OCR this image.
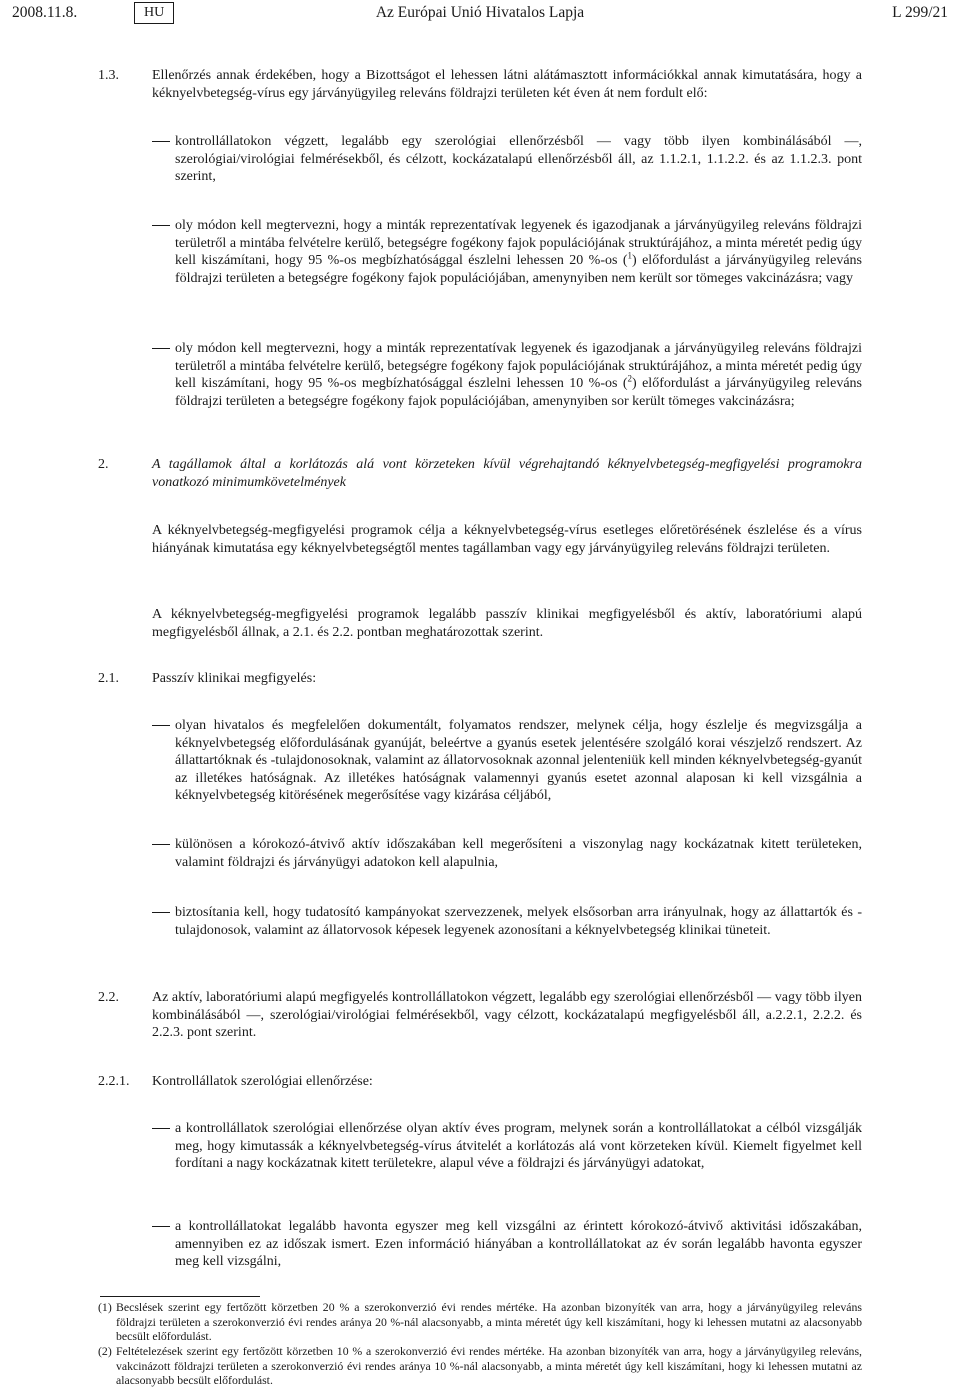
2008.11.8.	HU	Az Európai Unió Hivatalos Lapja	L 299/21
1.3. Ellenőrzés annak érdekében, hogy a Bizottságot el lehessen látni alátámasztott információkkal annak kimutatására, hogy a kéknyelvbetegség-vírus egy járványügyileg releváns földrajzi területen két éven át nem fordult elő:
kontrollállatokon végzett, legalább egy szerológiai ellenőrzésből — vagy több ilyen kombinálásából —, szerológiai/virológiai felmérésekből, és célzott, kockázatalapú ellenőrzésből áll, az 1.1.2.1, 1.1.2.2. és az 1.1.2.3. pont szerint,
oly módon kell megtervezni, hogy a minták reprezentatívak legyenek és igazodjanak a járványügyileg releváns földrajzi területről a mintába felvételre kerülő, betegségre fogékony fajok populációjának struktúrájához, a minta méretét pedig úgy kell kiszámítani, hogy 95 %-os megbízhatósággal észlelni lehessen 20 %-os ($^1$) előfordulást a járványügyileg releváns földrajzi területen a betegségre fogékony fajok populációjában, amenynyiben nem került sor tömeges vakcinázásra; vagy
oly módon kell megtervezni, hogy a minták reprezentatívak legyenek és igazodjanak a járványügyileg releváns földrajzi területről a mintába felvételre kerülő, betegségre fogékony fajok populációjának struktúrájához, a minta méretét pedig úgy kell kiszámítani, hogy 95 %-os megbízhatósággal észlelni lehessen 10 %-os ($^2$) előfordulást a járványügyileg releváns földrajzi területen a betegségre fogékony fajok populációjában, amenynyiben sor került tömeges vakcinázásra;
2.	A tagállamok által a korlátozás alá vont körzeteken kívül végrehajtandó kéknyelvbetegség-megfigyelési programokra vonatkozó minimumkövetelmények
A kéknyelvbetegség-megfigyelési programok célja a kéknyelvbetegség-vírus esetleges előretörésének észlelése és a vírus hiányának kimutatása egy kéknyelvbetegségtől mentes tagállamban vagy egy járványügyileg releváns földrajzi területen.
A kéknyelvbetegség-megfigyelési programok legalább passzív klinikai megfigyelésből és aktív, laboratóriumi alapú megfigyelésből állnak, a 2.1. és 2.2. pontban meghatározottak szerint.
2.1. Passzív klinikai megfigyelés:
olyan hivatalos és megfelelően dokumentált, folyamatos rendszer, melynek célja, hogy észlelje és megvizsgálja a kéknyelvbetegség előfordulásának gyanúját, beleértve a gyanús esetek jelentésére szolgáló korai vészjelző rendszert. Az állattartóknak és -tulajdonosoknak, valamint az állatorvosoknak azonnal jelenteniük kell minden kéknyelvbetegség-gyanút az illetékes hatóságnak. Az illetékes hatóságnak valamennyi gyanús esetet azonnal alaposan ki kell vizsgálnia a kéknyelvbetegség kitörésének megerősítése vagy kizárása céljából,
különösen a kórokozó-átvivő aktív időszakában kell megerősíteni a viszonylag nagy kockázatnak kitett területeken, valamint földrajzi és járványügyi adatokon kell alapulnia,
biztosítania kell, hogy tudatosító kampányokat szervezzenek, melyek elsősorban arra irányulnak, hogy az állattartók és -tulajdonosok, valamint az állatorvosok képesek legyenek azonosítani a kéknyelvbetegség klinikai tüneteit.
2.2. Az aktív, laboratóriumi alapú megfigyelés kontrollállatokon végzett, legalább egy szerológiai ellenőrzésből — vagy több ilyen kombinálásából —, szerológiai/virológiai felmérésekből, vagy célzott, kockázatalapú megfigyelésből áll, a.2.2.1, 2.2.2. és 2.2.3. pont szerint.
2.2.1. Kontrollállatok szerológiai ellenőrzése:
a kontrollállatok szerológiai ellenőrzése olyan aktív éves program, melynek során a kontrollállatokat a célból vizsgálják meg, hogy kimutassák a kéknyelvbetegség-vírus átvitelét a korlátozás alá vont körzeteken kívül. Kiemelt figyelmet kell fordítani a nagy kockázatnak kitett területekre, alapul véve a földrajzi és járványügyi adatokat,
a kontrollállatokat legalább havonta egyszer meg kell vizsgálni az érintett kórokozó-átvivő aktivitási időszakában, amennyiben ez az időszak ismert. Ezen információ hiányában a kontrollállatokat az év során legalább havonta egyszer meg kell vizsgálni,
(1) Becslések szerint egy fertőzött körzetben 20 % a szerokonverzió évi rendes mértéke. Ha azonban bizonyíték van arra, hogy a járványügyileg releváns földrajzi területen a szerokonverzió évi rendes aránya 20 %-nál alacsonyabb, a minta méretét úgy kell kiszámítani, hogy ki lehessen mutatni az alacsonyabb becsült előfordulást.
(2) Feltételezések szerint egy fertőzött körzetben 10 % a szerokonverzió évi rendes mértéke. Ha azonban bizonyíték van arra, hogy a járványügyileg releváns, vakcinázott földrajzi területen a szerokonverzió évi rendes aránya 10 %-nál alacsonyabb, a minta méretét úgy kell kiszámítani, hogy ki lehessen mutatni az alacsonyabb becsült előfordulást.
